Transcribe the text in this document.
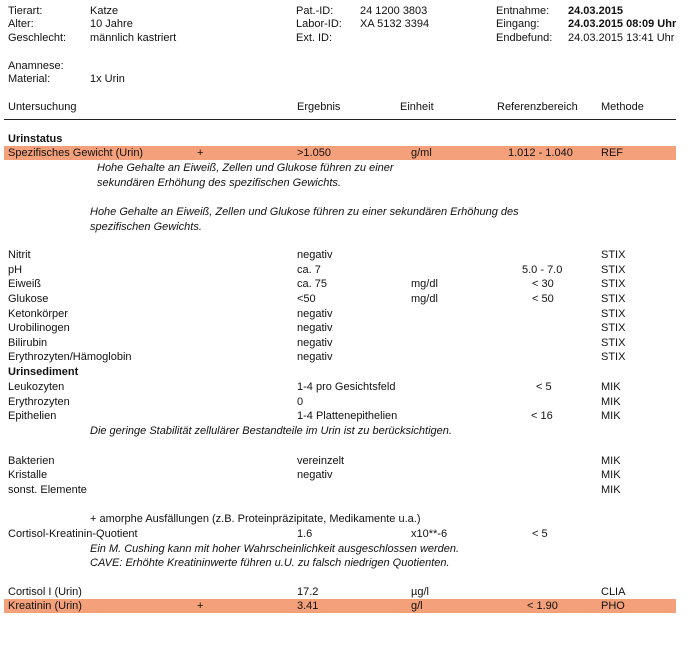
Tierart:	Katze
Alter:	10 Jahre
Geschlecht: männlich kastriert
Pat.-ID: 24 1200 3803
Labor-ID: XA 5132 3394
Ext. ID:
Entnahme: 24.03.2015
Eingang:	24.03.2015 08:09 Uhr
Endbefund: 24.03.2015 13:41 Uhr
Anamnese:
Material:	1x Urin
Untersuchung	Ergebnis	Einheit	Referenzbereich Methode
Urinstatus
Spezifisches Gewicht (Urin)	+	>1.050	g/ml	1.012 - 1.040	REF
Hohe Gehalte an Eiweiß, Zellen und Glukose führen zu einer
sekundären Erhöhung des spezifischen Gewichts.
Hohe Gehalte an Eiweiß, Zellen und Glukose führen zu einer sekundären Erhöhung des
spezifischen Gewichts.
Nitrit	negativ	STIX
pH	ca. 7	5.0 - 7.0	STIX
Eiweiß	ca. 75	mg/dl	< 30	STIX
Glukose	<50	mg/dl	< 50	STIX
Ketonkörper	negativ	STIX
Urobilinogen	negativ	STIX
Bilirubin	negativ	STIX
Erythrozyten/Hämoglobin	negativ	STIX
Urinsediment
Leukozyten	1-4 pro Gesichtsfeld	< 5	MIK
Erythrozyten	0	MIK
Epithelien	1-4 Plattenepithelien	< 16	MIK
Die geringe Stabilität zellulärer Bestandteile im Urin ist zu berücksichtigen.
Bakterien	vereinzelt	MIK
Kristalle	negativ	MIK
sonst. Elemente	MIK
+ amorphe Ausfällungen (z.B. Proteinpräzipitate, Medikamente u.a.)
Cortisol-Kreatinin-Quotient	1.6	x10**-6	< 5
Ein M. Cushing kann mit hoher Wahrscheinlichkeit ausgeschlossen werden.
CAVE: Erhöhte Kreatininwerte führen u.U. zu falsch niedrigen Quotienten.
Cortisol I (Urin)	17.2	µg/l	CLIA
Kreatinin (Urin)	+	3.41	g/l	< 1.90	PHO
